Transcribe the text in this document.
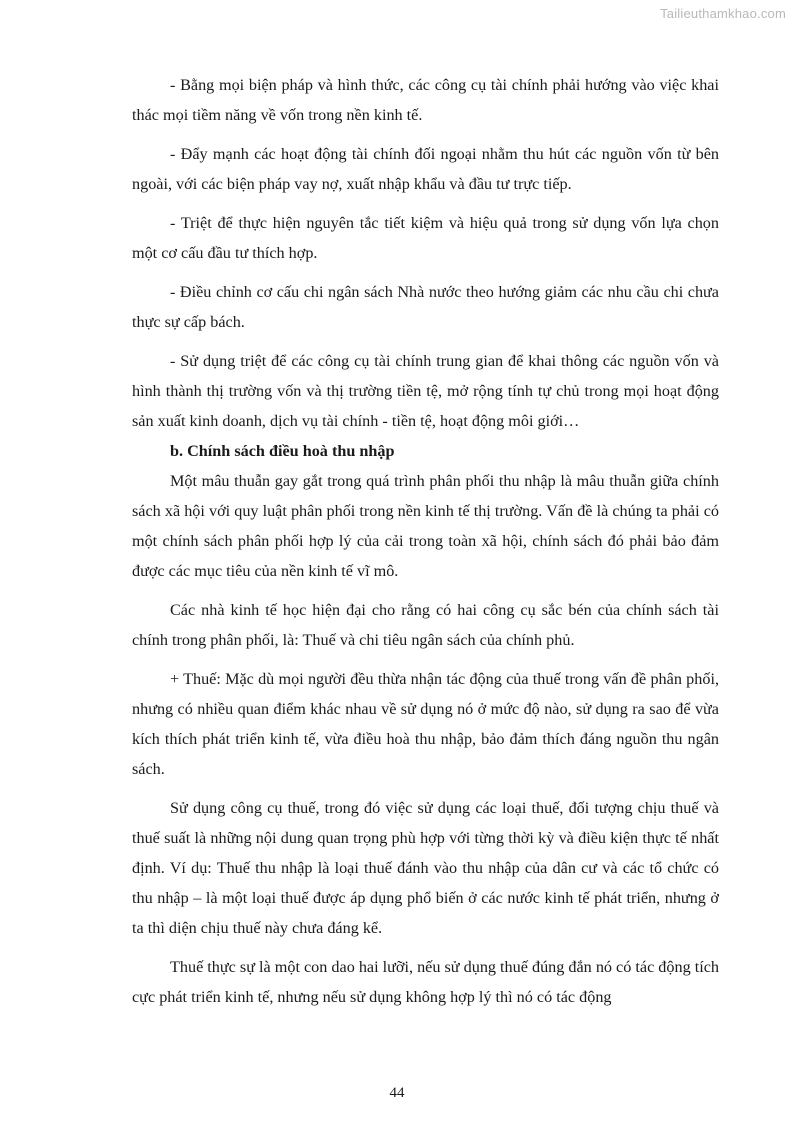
Tailieuthamkhao.com

- Bằng mọi biện pháp và hình thức, các công cụ tài chính phải hướng vào việc khai thác mọi tiềm năng về vốn trong nền kinh tế.

- Đẩy mạnh các hoạt động tài chính đối ngoại nhằm thu hút các nguồn vốn từ bên ngoài, với các biện pháp vay nợ, xuất nhập khẩu và đầu tư trực tiếp.

- Triệt để thực hiện nguyên tắc tiết kiệm và hiệu quả trong sử dụng vốn lựa chọn một cơ cấu đầu tư thích hợp.

- Điều chỉnh cơ cấu chi ngân sách Nhà nước theo hướng giảm các nhu cầu chi chưa thực sự cấp bách.

- Sử dụng triệt để các công cụ tài chính trung gian để khai thông các nguồn vốn và hình thành thị trường vốn và thị trường tiền tệ, mở rộng tính tự chủ trong mọi hoạt động sản xuất kinh doanh, dịch vụ tài chính - tiền tệ, hoạt động môi giới…

b. Chính sách điều hoà thu nhập

Một mâu thuẫn gay gắt trong quá trình phân phối thu nhập là mâu thuẫn giữa chính sách xã hội với quy luật phân phối trong nền kinh tế thị trường. Vấn đề là chúng ta phải có một chính sách phân phối hợp lý của cải trong toàn xã hội, chính sách đó phải bảo đảm được các mục tiêu của nền kinh tế vĩ mô.

Các nhà kinh tế học hiện đại cho rằng có hai công cụ sắc bén của chính sách tài chính trong phân phối, là: Thuế và chi tiêu ngân sách của chính phủ.

+ Thuế: Mặc dù mọi người đều thừa nhận tác động của thuế trong vấn đề phân phối, nhưng có nhiều quan điểm khác nhau về sử dụng nó ở mức độ nào, sử dụng ra sao để vừa kích thích phát triển kinh tế, vừa điều hoà thu nhập, bảo đảm thích đáng nguồn thu ngân sách.

Sử dụng công cụ thuế, trong đó việc sử dụng các loại thuế, đối tượng chịu thuế và thuế suất là những nội dung quan trọng phù hợp với từng thời kỳ và điều kiện thực tế nhất định. Ví dụ: Thuế thu nhập là loại thuế đánh vào thu nhập của dân cư và các tổ chức có thu nhập – là một loại thuế được áp dụng phổ biến ở các nước kinh tế phát triển, nhưng ở ta thì diện chịu thuế này chưa đáng kể.

Thuế thực sự là một con dao hai lưỡi, nếu sử dụng thuế đúng đắn nó có tác động tích cực phát triển kinh tế, nhưng nếu sử dụng không hợp lý thì nó có tác động

44
